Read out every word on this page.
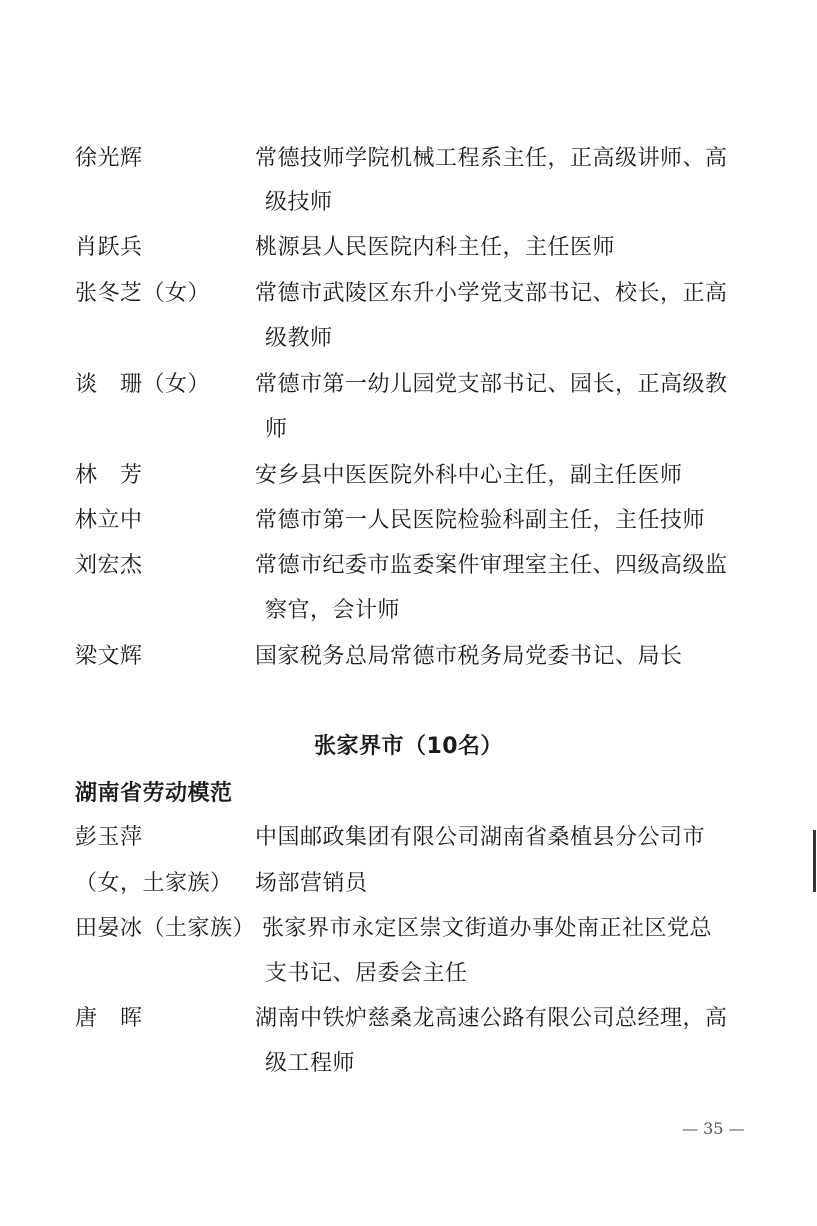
徐光辉	常德技师学院机械工程系主任，正高级讲师、高
级技师
肖跃兵	桃源县人民医院内科主任，主任医师
张冬芝（女） 常德市武陵区东升小学党支部书记、校长，正高
级教师
谈　珊（女） 常德市第一幼儿园党支部书记、园长，正高级教
师
林　芳	安乡县中医医院外科中心主任，副主任医师
林立中	常德市第一人民医院检验科副主任，主任技师
刘宏杰	常德市纪委市监委案件审理室主任、四级高级监
察官，会计师
梁文辉	国家税务总局常德市税务局党委书记、局长
张家界市（10名）
湖南省劳动模范
彭玉萍	中国邮政集团有限公司湖南省桑植县分公司市
（女，土家族） 场部营销员
田晏冰（土家族） 张家界市永定区崇文街道办事处南正社区党总
支书记、居委会主任
唐　晖	湖南中铁炉慈桑龙高速公路有限公司总经理，高
级工程师
— 35 —
